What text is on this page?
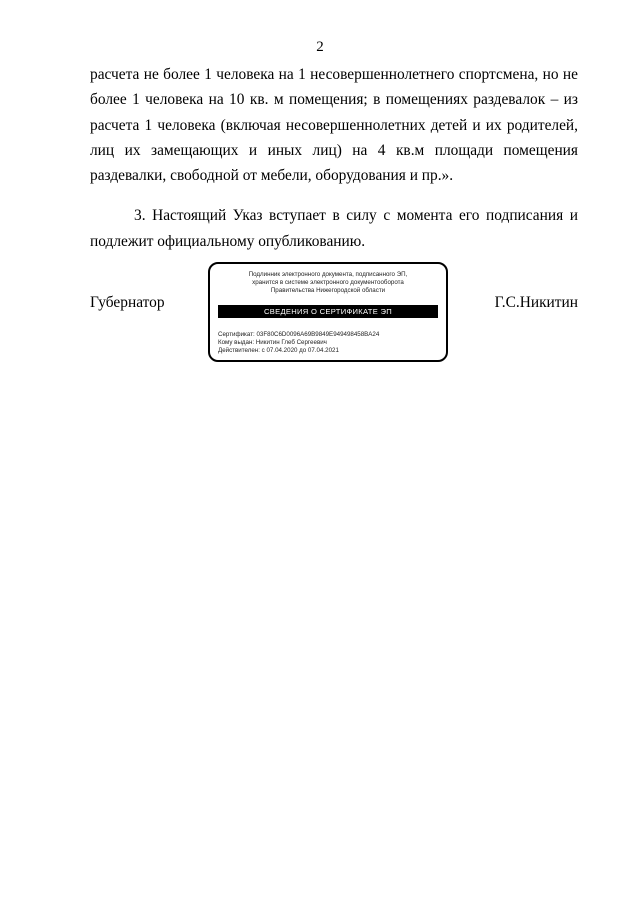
2

расчета не более 1 человека на 1 несовершеннолетнего спортсмена, но не более 1 человека на 10 кв. м помещения; в помещениях раздевалок – из расчета 1 человека (включая несовершеннолетних детей и их родителей, лиц их замещающих и иных лиц) на 4 кв.м площади помещения раздевалки, свободной от мебели, оборудования и пр.».

3. Настоящий Указ вступает в силу с момента его подписания и подлежит официальному опубликованию.

Губернатор
Подлинник электронного документа, подписанного ЭП,
хранится в системе электронного документооборота
Правительства Нижегородской области
СВЕДЕНИЯ О СЕРТИФИКАТЕ ЭП
Сертификат: 03F80C6D0096A69B9849E949498458BA24
Кому выдан: Никитин Глеб Сергеевич
Действителен: с 07.04.2020 до 07.04.2021
Г.С.Никитин
